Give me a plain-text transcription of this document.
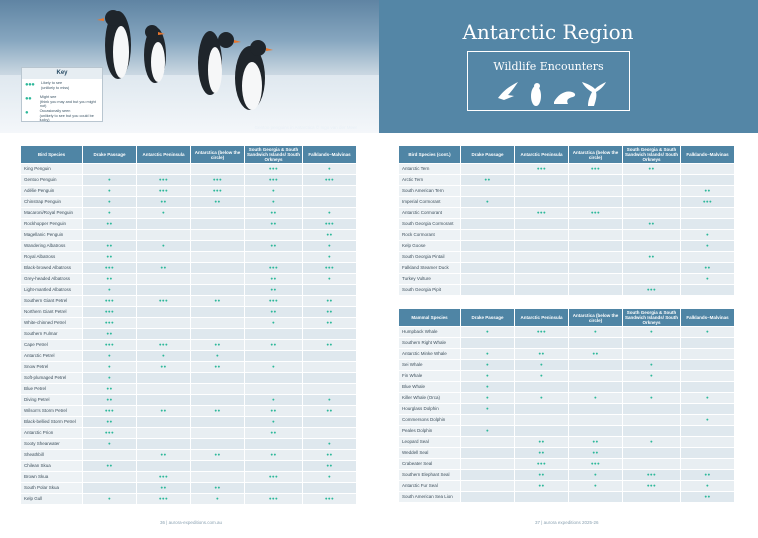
Gentoo penguins in Antarctica © Ingo van der Meer
Key
●●●	Likely to see
(unlikely to miss)
●●	Might see
(think you may and but you might not)
●	Occasionally seen
(unlikely to see but you could be lucky)
Antarctic Region
Wildlife Encounters
Bird Species	Drake Passage	Antarctic Peninsula	Antarctica (below the circle)	South Georgia & South Sandwich Islands/ South Orkneys	Falklands–Malvinas
King Penguin				●●●	●
Gentoo Penguin	●	●●●	●●●	●●●	●●●
Adélie Penguin	●	●●●	●●●	●	
Chinstrap Penguin	●	●●	●●	●	
Macaroni/Royal Penguin	●	●		●●	●
Rockhopper Penguin	●●			●●	●●●
Magellanic Penguin					●●
Wandering Albatross	●●	●		●●	●
Royal Albatross	●●				●
Black-browed Albatross	●●●	●●		●●●	●●●
Grey-headed Albatross	●●			●●	●
Light-mantled Albatross	●			●●	
Southern Giant Petrel	●●●	●●●	●●	●●●	●●
Northern Giant Petrel	●●●			●●	●●
White-chinned Petrel	●●●			●	●●
Southern Fulmar	●●				
Cape Petrel	●●●	●●●	●●	●●	●●
Antarctic Petrel	●	●	●		
Snow Petrel	●	●●	●●	●	
Soft-plumaged Petrel	●				
Blue Petrel	●●				
Diving Petrel	●●			●	●
Wilson's Storm Petrel	●●●	●●	●●	●●	●●
Black-bellied Storm Petrel	●●			●	
Antarctic Prion	●●●			●●	
Sooty Shearwater	●				●
Sheathbill		●●	●●	●●	●●
Chilean Skua	●●				●●
Brown Skua		●●●		●●●	●
South Polar Skua		●●	●●		
Kelp Gull	●	●●●	●	●●●	●●●
Bird Species (cont.)	Drake Passage	Antarctic Peninsula	Antarctica (below the circle)	South Georgia & South Sandwich Islands/ South Orkneys	Falklands–Malvinas
Antarctic Tern		●●●	●●●	●●	
Arctic Tern	●●				
South American Tern					●●
Imperial Cormorant	●				●●●
Antarctic Cormorant		●●●	●●●		
South Georgia Cormorant				●●	
Rock Cormorant					●
Kelp Goose					●
South Georgia Pintail				●●	
Falkland Steamer Duck					●●
Turkey Vulture					●
South Georgia Pipit				●●●	
Mammal Species	Drake Passage	Antarctic Peninsula	Antarctica (below the circle)	South Georgia & South Sandwich Islands/ South Orkneys	Falklands–Malvinas
Humpback Whale	●	●●●	●	●	●
Southern Right Whale					
Antarctic Minke Whale	●	●●	●●		
Sei Whale	●	●		●	
Fin Whale	●	●		●	
Blue Whale	●				
Killer Whale (Orca)	●	●	●	●	●
Hourglass Dolphin	●				
Commersons Dolphin					●
Peales Dolphin	●				
Leopard Seal		●●	●●	●	
Weddell Seal		●●	●●		
Crabeater Seal		●●●	●●●		
Southern Elephant Seal		●●	●	●●●	●●
Antarctic Fur Seal		●●	●	●●●	●
South American Sea Lion					●●
36 | aurora-expeditions.com.au	37 | aurora expeditions 2025-26
